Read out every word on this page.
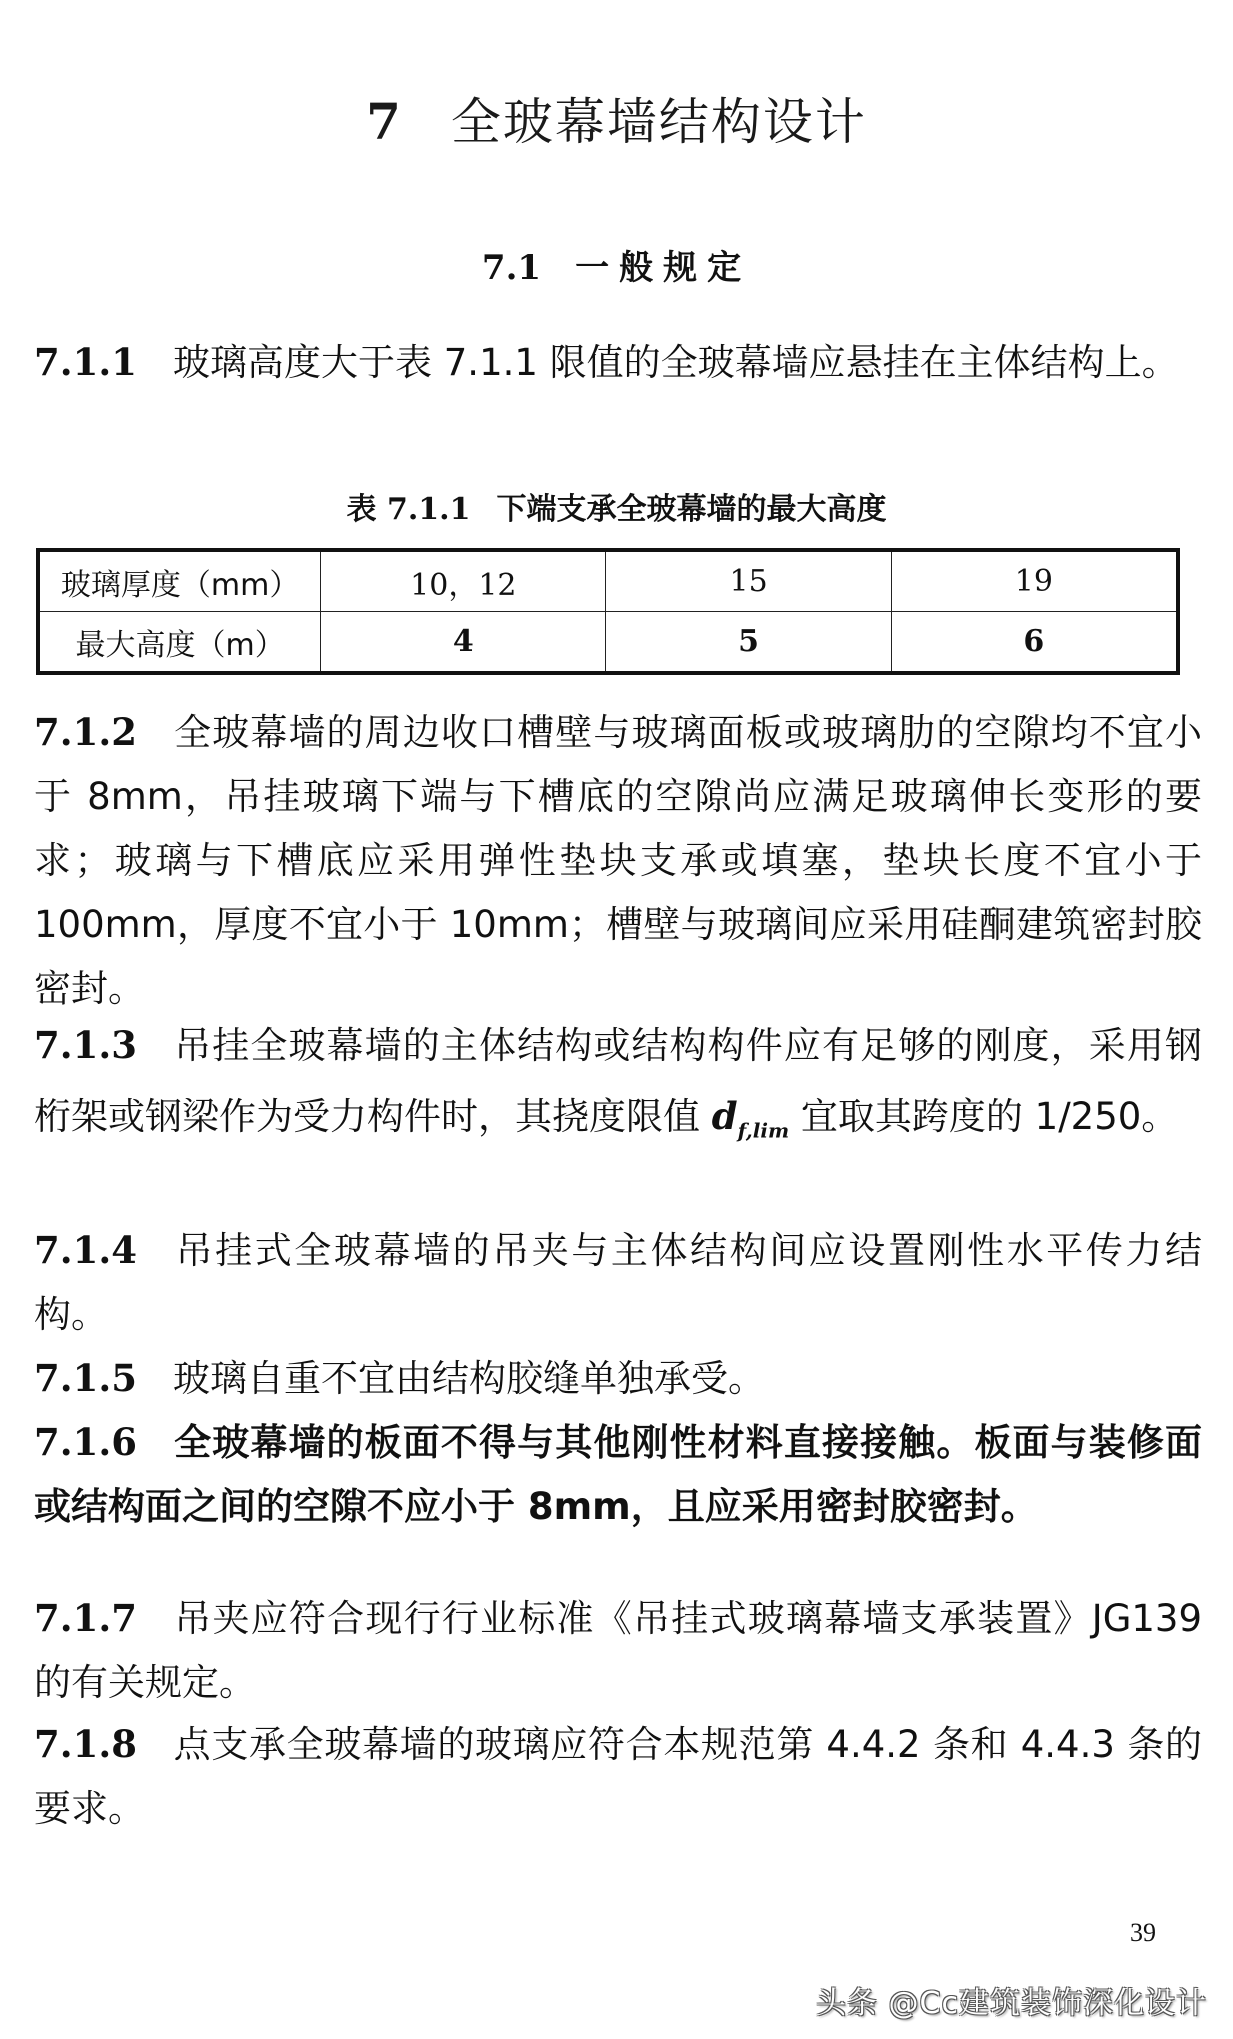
7 全玻幕墙结构设计
7.1 一般规定

7.1.1 玻璃高度大于表 7.1.1 限值的全玻幕墙应悬挂在主体结构上。

表 7.1.1 下端支承全玻幕墙的最大高度
玻璃厚度（mm）	10，12	15	19
最大高度（m）	4	5	6

7.1.2 全玻幕墙的周边收口槽壁与玻璃面板或玻璃肋的空隙均不宜小于 8mm，吊挂玻璃下端与下槽底的空隙尚应满足玻璃伸长变形的要求；玻璃与下槽底应采用弹性垫块支承或填塞，垫块长度不宜小于 100mm，厚度不宜小于 10mm；槽壁与玻璃间应采用硅酮建筑密封胶密封。

7.1.3 吊挂全玻幕墙的主体结构或结构构件应有足够的刚度，采用钢桁架或钢梁作为受力构件时，其挠度限值 $d_{f,lim}$ 宜取其跨度的 1/250。

7.1.4 吊挂式全玻幕墙的吊夹与主体结构间应设置刚性水平传力结构。

7.1.5 玻璃自重不宜由结构胶缝单独承受。

7.1.6 全玻幕墙的板面不得与其他刚性材料直接接触。板面与装修面或结构面之间的空隙不应小于 8mm，且应采用密封胶密封。

7.1.7 吊夹应符合现行行业标准《吊挂式玻璃幕墙支承装置》JG139 的有关规定。

7.1.8 点支承全玻幕墙的玻璃应符合本规范第 4.4.2 条和 4.4.3 条的要求。

39
头条 @Cc建筑装饰深化设计
